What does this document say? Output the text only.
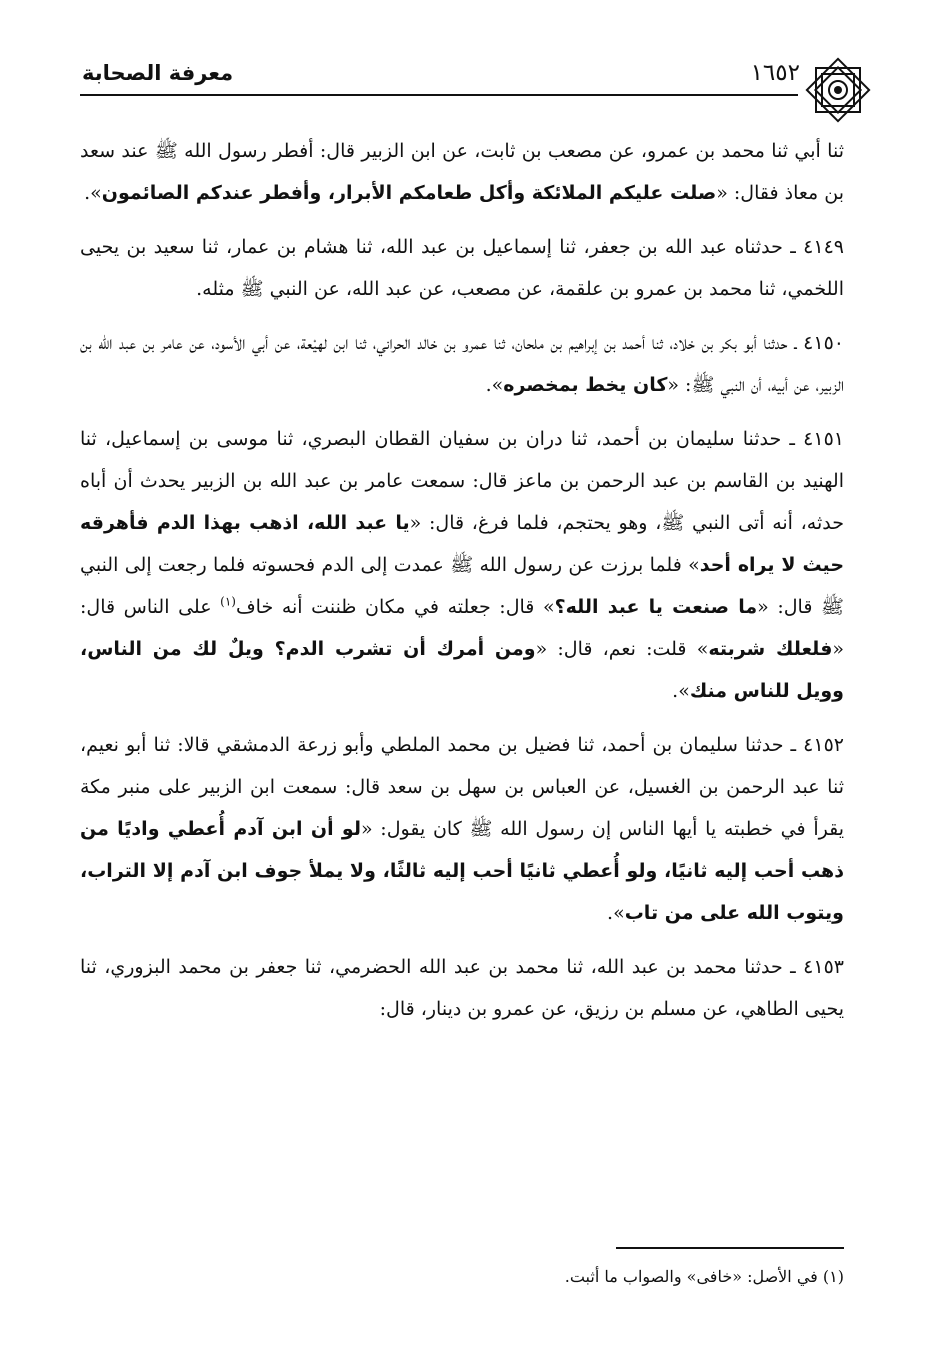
معرفة الصحابة	١٦٥٢

ثنا أبي ثنا محمد بن عمرو، عن مصعب بن ثابت، عن ابن الزبير قال: أفطر رسول الله ﷺ عند سعد بن معاذ فقال: «صلت عليكم الملائكة وأكل طعامكم الأبرار، وأفطر عندكم الصائمون».

٤١٤٩ ـ حدثناه عبد الله بن جعفر، ثنا إسماعيل بن عبد الله، ثنا هشام بن عمار، ثنا سعيد بن يحيى اللخمي، ثنا محمد بن عمرو بن علقمة، عن مصعب، عن عبد الله، عن النبي ﷺ مثله.

٤١٥٠ ـ حدثنا أبو بكر بن خلاد، ثنا أحمد بن إبراهيم بن ملحان، ثنا عمرو بن خالد الحراني، ثنا ابن لهيْعة، عن أبي الأسود، عن عامر بن عبد الله بن الزبير، عن أبيه، أن النبي ﷺ: «كان يخط بمخصره».

٤١٥١ ـ حدثنا سليمان بن أحمد، ثنا دران بن سفيان القطان البصري، ثنا موسى بن إسماعيل، ثنا الهنيد بن القاسم بن عبد الرحمن بن ماعز قال: سمعت عامر بن عبد الله بن الزبير يحدث أن أباه حدثه، أنه أتى النبي ﷺ، وهو يحتجم، فلما فرغ، قال: «يا عبد الله، اذهب بهذا الدم فأهرقه حيث لا يراه أحد» فلما برزت عن رسول الله ﷺ عمدت إلى الدم فحسوته فلما رجعت إلى النبي ﷺ قال: «ما صنعت يا عبد الله؟» قال: جعلته في مكان ظننت أنه خاف$^{(١)}$ على الناس قال: «فلعلك شربته» قلت: نعم، قال: «ومن أمرك أن تشرب الدم؟ ويلٌ لك من الناس، وويل للناس منك».

٤١٥٢ ـ حدثنا سليمان بن أحمد، ثنا فضيل بن محمد الملطي وأبو زرعة الدمشقي قالا: ثنا أبو نعيم، ثنا عبد الرحمن بن الغسيل، عن العباس بن سهل بن سعد قال: سمعت ابن الزبير على منبر مكة يقرأ في خطبته يا أيها الناس إن رسول الله ﷺ كان يقول: «لو أن ابن آدم أُعطي واديًا من ذهب أحب إليه ثانيًا، ولو أُعطي ثانيًا أحب إليه ثالثًا، ولا يملأ جوف ابن آدم إلا التراب، ويتوب الله على من تاب».

٤١٥٣ ـ حدثنا محمد بن عبد الله، ثنا محمد بن عبد الله الحضرمي، ثنا جعفر بن محمد البزوري، ثنا يحيى الطاهي، عن مسلم بن رزيق، عن عمرو بن دينار، قال:

(١) في الأصل: «خافى» والصواب ما أثبت.
